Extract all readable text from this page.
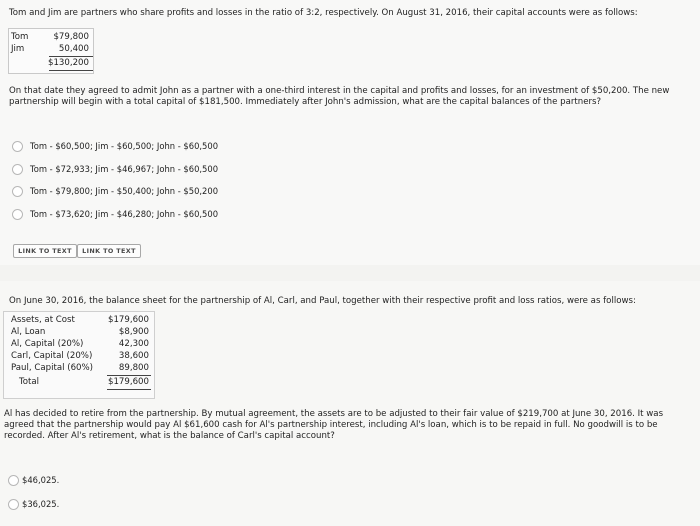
Tom and Jim are partners who share profits and losses in the ratio of 3:2, respectively. On August 31, 2016, their capital accounts were as follows:
Tom	$79,800
Jim	50,400
$130,200
On that date they agreed to admit John as a partner with a one-third interest in the capital and profits and losses, for an investment of $50,200. The new partnership will begin with a total capital of $181,500. Immediately after John's admission, what are the capital balances of the partners?
Tom - $60,500; Jim - $60,500; John - $60,500
Tom - $72,933; Jim - $46,967; John - $60,500
Tom - $79,800; Jim - $50,400; John - $50,200
Tom - $73,620; Jim - $46,280; John - $60,500
LINK TO TEXT	LINK TO TEXT
On June 30, 2016, the balance sheet for the partnership of Al, Carl, and Paul, together with their respective profit and loss ratios, were as follows:
Assets, at Cost	$179,600
Al, Loan	$8,900
Al, Capital (20%)	42,300
Carl, Capital (20%)	38,600
Paul, Capital (60%)	89,800
Total	$179,600
Al has decided to retire from the partnership. By mutual agreement, the assets are to be adjusted to their fair value of $219,700 at June 30, 2016. It was agreed that the partnership would pay Al $61,600 cash for Al's partnership interest, including Al's loan, which is to be repaid in full. No goodwill is to be recorded. After Al's retirement, what is the balance of Carl's capital account?
$46,025.
$36,025.
